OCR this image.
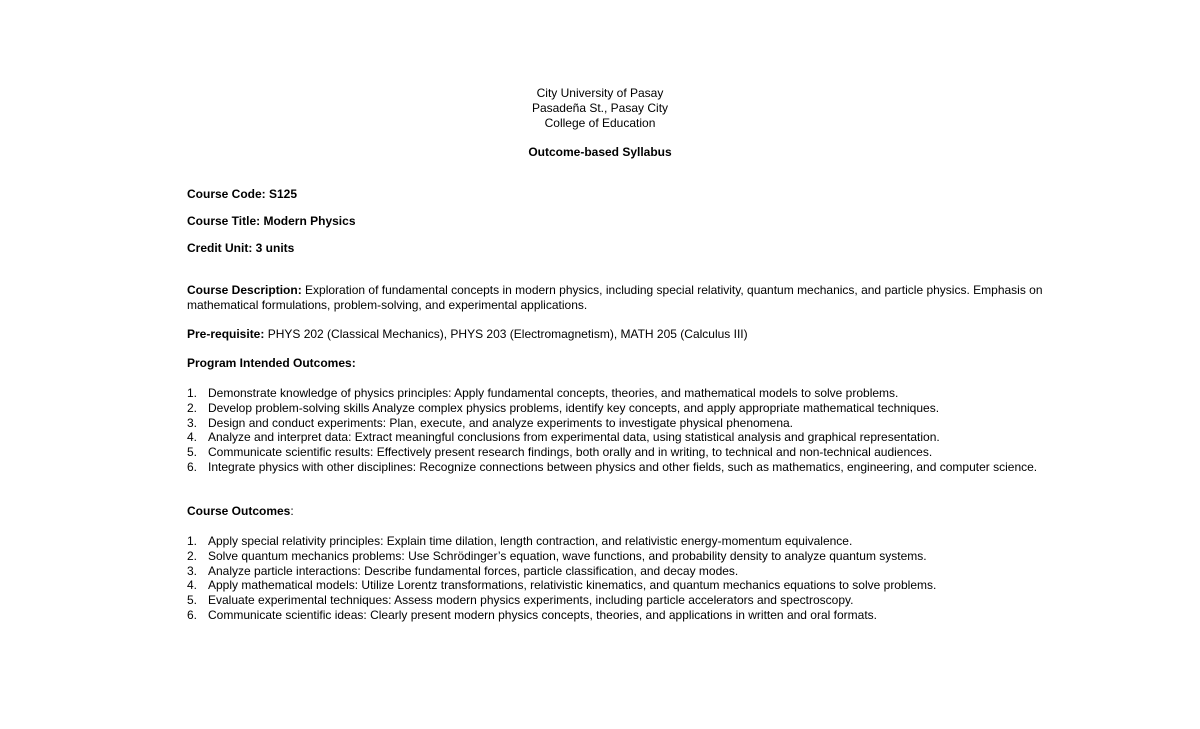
City University of Pasay
Pasadeña St., Pasay City
College of Education
Outcome-based Syllabus
Course Code: S125
Course Title: Modern Physics
Credit Unit: 3 units
Course Description: Exploration of fundamental concepts in modern physics, including special relativity, quantum mechanics, and particle physics. Emphasis on mathematical formulations, problem-solving, and experimental applications.
Pre-requisite: PHYS 202 (Classical Mechanics), PHYS 203 (Electromagnetism), MATH 205 (Calculus III)
Program Intended Outcomes:
1. Demonstrate knowledge of physics principles: Apply fundamental concepts, theories, and mathematical models to solve problems.
2. Develop problem-solving skills Analyze complex physics problems, identify key concepts, and apply appropriate mathematical techniques.
3. Design and conduct experiments: Plan, execute, and analyze experiments to investigate physical phenomena.
4. Analyze and interpret data: Extract meaningful conclusions from experimental data, using statistical analysis and graphical representation.
5. Communicate scientific results: Effectively present research findings, both orally and in writing, to technical and non-technical audiences.
6. Integrate physics with other disciplines: Recognize connections between physics and other fields, such as mathematics, engineering, and computer science.
Course Outcomes:
1. Apply special relativity principles: Explain time dilation, length contraction, and relativistic energy-momentum equivalence.
2. Solve quantum mechanics problems: Use Schrödinger’s equation, wave functions, and probability density to analyze quantum systems.
3. Analyze particle interactions: Describe fundamental forces, particle classification, and decay modes.
4. Apply mathematical models: Utilize Lorentz transformations, relativistic kinematics, and quantum mechanics equations to solve problems.
5. Evaluate experimental techniques: Assess modern physics experiments, including particle accelerators and spectroscopy.
6. Communicate scientific ideas: Clearly present modern physics concepts, theories, and applications in written and oral formats.
